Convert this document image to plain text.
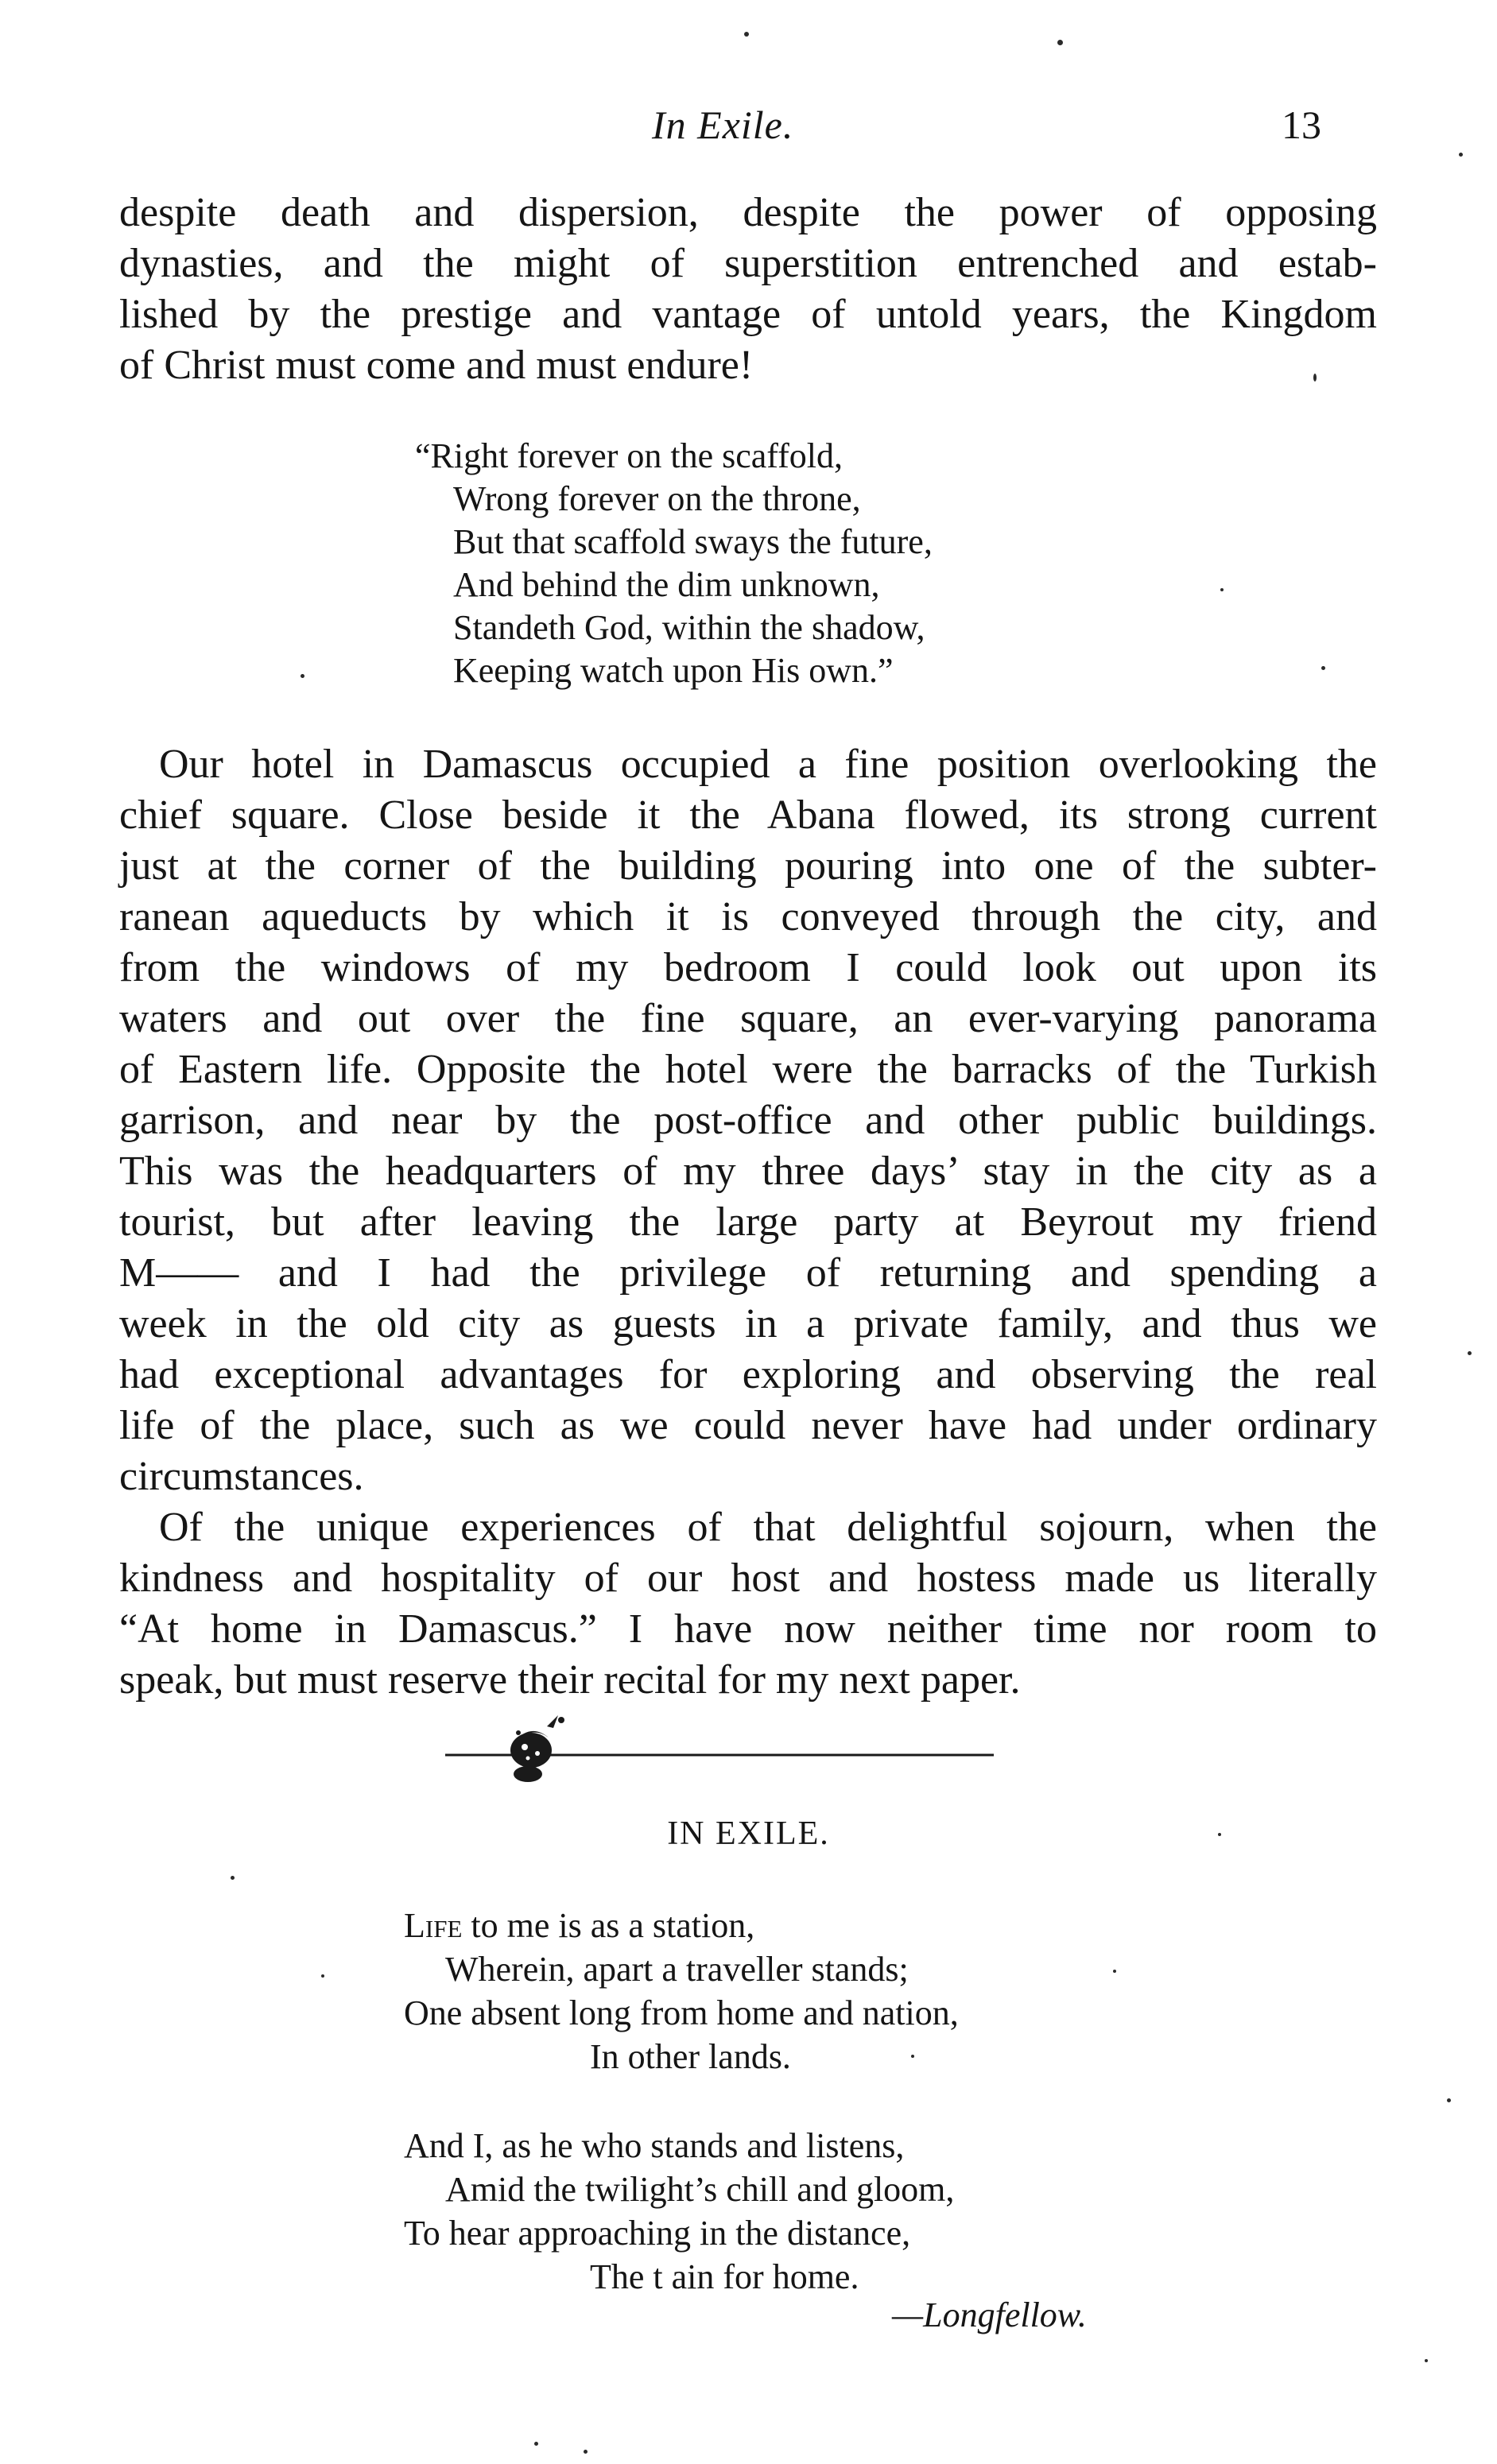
In Exile.	13
despite death and dispersion, despite the power of opposing
dynasties, and the might of superstition entrenched and estab-
lished by the prestige and vantage of untold years, the Kingdom
of Christ must come and must endure!
“Right forever on the scaffold,
Wrong forever on the throne,
But that scaffold sways the future,
And behind the dim unknown,
Standeth God, within the shadow,
Keeping watch upon His own.”
Our hotel in Damascus occupied a fine position overlooking the
chief square. Close beside it the Abana flowed, its strong current
just at the corner of the building pouring into one of the subter-
ranean aqueducts by which it is conveyed through the city, and
from the windows of my bedroom I could look out upon its
waters and out over the fine square, an ever-varying panorama
of Eastern life. Opposite the hotel were the barracks of the Turkish
garrison, and near by the post-office and other public buildings.
This was the headquarters of my three days’ stay in the city as a
tourist, but after leaving the large party at Beyrout my friend
M—— and I had the privilege of returning and spending a
week in the old city as guests in a private family, and thus we
had exceptional advantages for exploring and observing the real
life of the place, such as we could never have had under ordinary
circumstances.
Of the unique experiences of that delightful sojourn, when the
kindness and hospitality of our host and hostess made us literally
“At home in Damascus.” I have now neither time nor room to
speak, but must reserve their recital for my next paper.
IN EXILE.
Life to me is as a station,
Wherein, apart a traveller stands;
One absent long from home and nation,
In other lands.
And I, as he who stands and listens,
Amid the twilight’s chill and gloom,
To hear approaching in the distance,
The t ain for home.
—Longfellow.
